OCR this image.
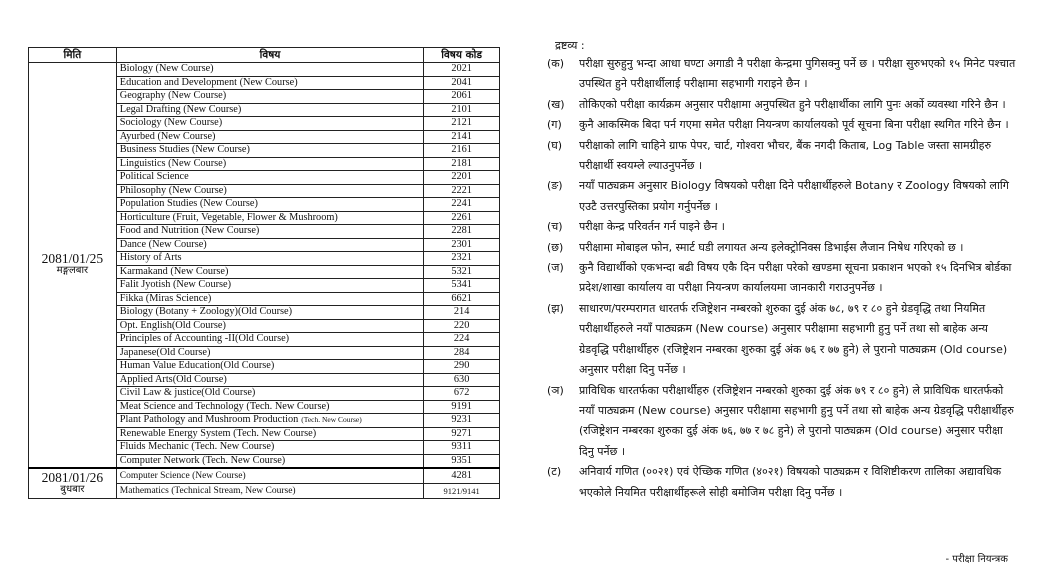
मिति	विषय	विषय कोड

2081/01/25
मङ्गलबार	Biology (New Course)	2021
	Education and Development (New Course)	2041
	Geography (New Course)	2061
	Legal Drafting (New Course)	2101
	Sociology (New Course)	2121
	Ayurbed (New Course)	2141
	Business Studies (New Course)	2161
	Linguistics (New Course)	2181
	Political Science	2201
	Philosophy (New Course)	2221
	Population Studies (New Course)	2241
	Horticulture (Fruit, Vegetable, Flower & Mushroom)	2261
	Food and Nutrition (New Course)	2281
	Dance (New Course)	2301
	History of Arts	2321
	Karmakand (New Course)	5321
	Falit Jyotish (New Course)	5341
	Fikka (Miras Science)	6621
	Biology (Botany + Zoology)(Old Course)	214
	Opt. English(Old Course)	220
	Principles of Accounting -II(Old Course)	224
	Japanese(Old Course)	284
	Human Value Education(Old Course)	290
	Applied Arts(Old Course)	630
	Civil Law & justice(Old Course)	672
	Meat Science and Technology (Tech. New Course)	9191
	Plant Pathology and Mushroom Production (Tech. New Course)	9231
	Renewable Energy System (Tech. New Course)	9271
	Fluids Mechanic (Tech. New Course)	9311
	Computer Network (Tech. New Course)	9351

2081/01/26
बुधबार	Computer Science (New Course)	4281
	Mathematics (Technical Stream, New Course)	9121/9141
द्रष्टव्य :
(क)	परीक्षा सुरुहुनु भन्दा आधा घण्टा अगाडी नै परीक्षा केन्द्रमा पुगिसक्नु पर्ने छ । परीक्षा सुरुभएको १५ मिनेट पश्चात उपस्थित हुने परीक्षार्थीलाई परीक्षामा सहभागी गराइने छैन ।
(ख)	तोकिएको परीक्षा कार्यक्रम अनुसार परीक्षामा अनुपस्थित हुने परीक्षार्थीका लागि पुनः अर्को व्यवस्था गरिने छैन ।
(ग)	कुनै आकस्मिक बिदा पर्न गएमा समेत परीक्षा नियन्त्रण कार्यालयको पूर्व सूचना बिना परीक्षा स्थगित गरिने छैन ।
(घ)	परीक्षाको लागि चाहिने ग्राफ पेपर, चार्ट, गोश्वरा भौचर, बैंक नगदी किताब, Log Table जस्ता सामग्रीहरु परीक्षार्थी स्वयम्ले ल्याउनुपर्नेछ ।
(ङ)	नयाँ पाठ्यक्रम अनुसार Biology विषयको परीक्षा दिने परीक्षार्थीहरुले Botany र Zoology विषयको लागि एउटै उत्तरपुस्तिका प्रयोग गर्नुपर्नेछ ।
(च)	परीक्षा केन्द्र परिवर्तन गर्न पाइने छैन ।
(छ)	परीक्षामा मोबाइल फोन, स्मार्ट घडी लगायत अन्य इलेक्ट्रोनिक्स डिभाईस लैजान निषेध गरिएको छ ।
(ज)	कुनै विद्यार्थीको एकभन्दा बढी विषय एकै दिन परीक्षा परेको खण्डमा सूचना प्रकाशन भएको १५ दिनभित्र बोर्डका प्रदेश/शाखा कार्यालय वा परीक्षा नियन्त्रण कार्यालयमा जानकारी गराउनुपर्नेछ ।
(झ)	साधारण/परम्परागत धारतर्फ रजिष्ट्रेशन नम्बरको शुरुका दुई अंक ७८, ७९ र ८० हुने ग्रेडवृद्धि तथा नियमित परीक्षार्थीहरुले नयाँ पाठ्यक्रम (New course) अनुसार परीक्षामा सहभागी हुनु पर्ने तथा सो बाहेक अन्य ग्रेडवृद्धि परीक्षार्थीहरु (रजिष्ट्रेशन नम्बरका शुरुका दुई अंक ७६ र ७७ हुने) ले पुरानो पाठ्यक्रम (Old course) अनुसार परीक्षा दिनु पर्नेछ ।
(ञ)	प्राविधिक धारतर्फका परीक्षार्थीहरु (रजिष्ट्रेशन नम्बरको शुरुका दुई अंक ७९ र ८० हुने) ले प्राविधिक धारतर्फको नयाँ पाठ्यक्रम (New course) अनुसार परीक्षामा सहभागी हुनु पर्ने तथा सो बाहेक अन्य ग्रेडवृद्धि परीक्षार्थीहरु (रजिष्ट्रेशन नम्बरका शुरुका दुई अंक ७६, ७७ र ७८ हुने) ले पुरानो पाठ्यक्रम (Old course) अनुसार परीक्षा दिनु पर्नेछ ।
(ट)	अनिवार्य गणित (००२१) एवं ऐच्छिक गणित (४०२१) विषयको पाठ्यक्रम र विशिष्टीकरण तालिका अद्यावधिक भएकोले नियमित परीक्षार्थीहरूले सोही बमोजिम परीक्षा दिनु पर्नेछ ।
- परीक्षा नियन्त्रक
